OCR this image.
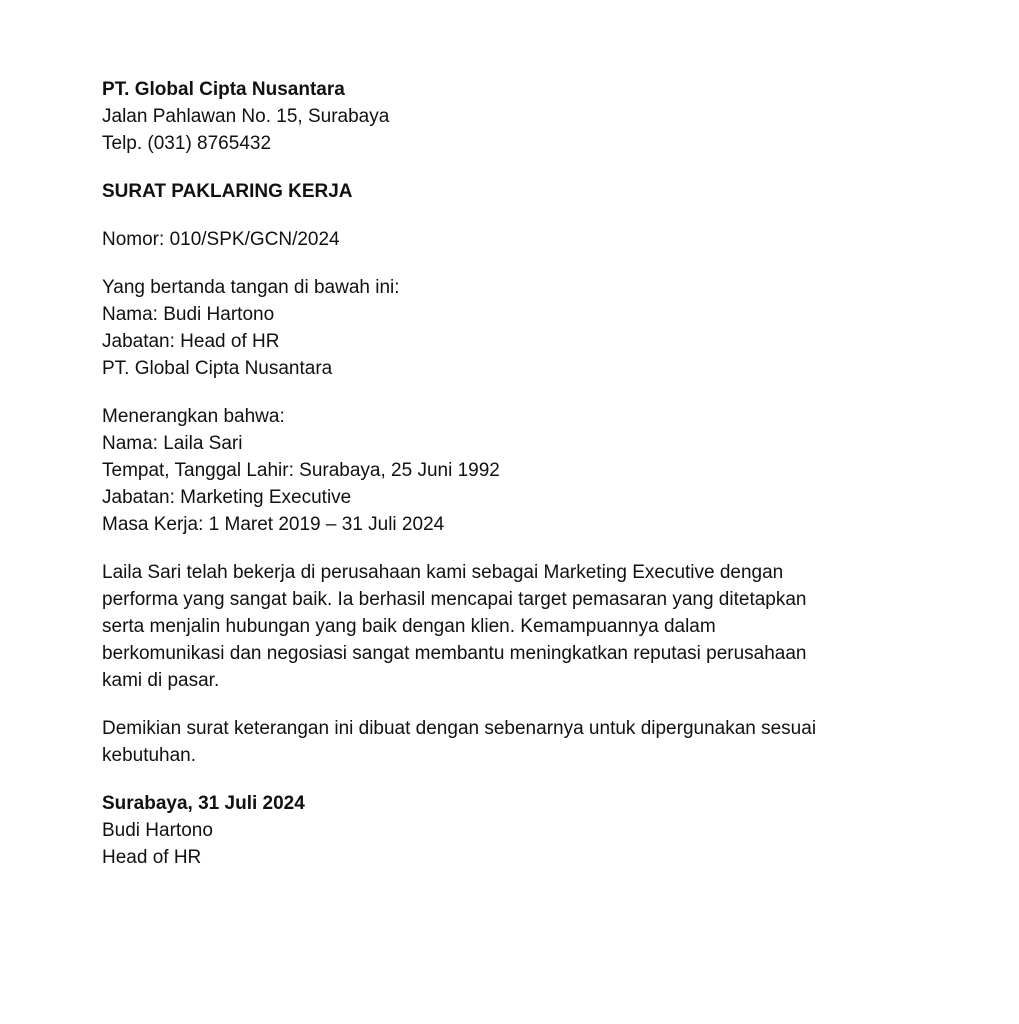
PT. Global Cipta Nusantara
Jalan Pahlawan No. 15, Surabaya
Telp. (031) 8765432
SURAT PAKLARING KERJA
Nomor: 010/SPK/GCN/2024
Yang bertanda tangan di bawah ini:
Nama: Budi Hartono
Jabatan: Head of HR
PT. Global Cipta Nusantara
Menerangkan bahwa:
Nama: Laila Sari
Tempat, Tanggal Lahir: Surabaya, 25 Juni 1992
Jabatan: Marketing Executive
Masa Kerja: 1 Maret 2019 – 31 Juli 2024
Laila Sari telah bekerja di perusahaan kami sebagai Marketing Executive dengan
performa yang sangat baik. Ia berhasil mencapai target pemasaran yang ditetapkan
serta menjalin hubungan yang baik dengan klien. Kemampuannya dalam
berkomunikasi dan negosiasi sangat membantu meningkatkan reputasi perusahaan
kami di pasar.
Demikian surat keterangan ini dibuat dengan sebenarnya untuk dipergunakan sesuai
kebutuhan.
Surabaya, 31 Juli 2024
Budi Hartono
Head of HR
